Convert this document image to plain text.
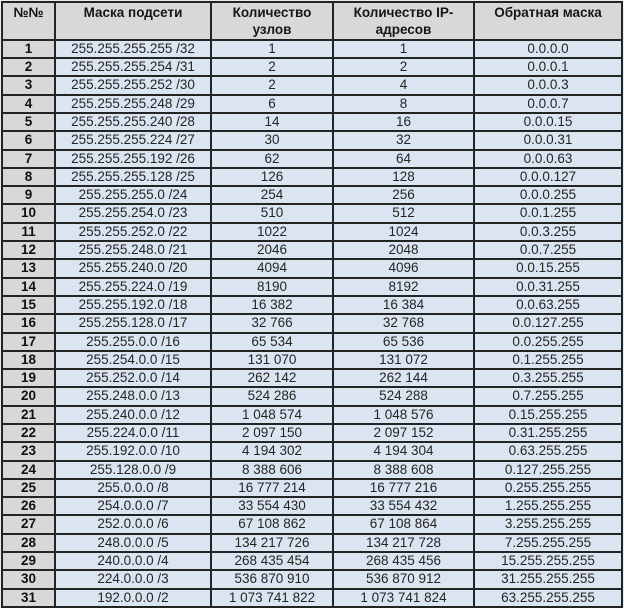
№№	Маска подсети	Количество узлов	Количество IP-адресов	Обратная маска
1	255.255.255.255 /32	1	1	0.0.0.0
2	255.255.255.254 /31	2	2	0.0.0.1
3	255.255.255.252 /30	2	4	0.0.0.3
4	255.255.255.248 /29	6	8	0.0.0.7
5	255.255.255.240 /28	14	16	0.0.0.15
6	255.255.255.224 /27	30	32	0.0.0.31
7	255.255.255.192 /26	62	64	0.0.0.63
8	255.255.255.128 /25	126	128	0.0.0.127
9	255.255.255.0 /24	254	256	0.0.0.255
10	255.255.254.0 /23	510	512	0.0.1.255
11	255.255.252.0 /22	1022	1024	0.0.3.255
12	255.255.248.0 /21	2046	2048	0.0.7.255
13	255.255.240.0 /20	4094	4096	0.0.15.255
14	255.255.224.0 /19	8190	8192	0.0.31.255
15	255.255.192.0 /18	16 382	16 384	0.0.63.255
16	255.255.128.0 /17	32 766	32 768	0.0.127.255
17	255.255.0.0 /16	65 534	65 536	0.0.255.255
18	255.254.0.0 /15	131 070	131 072	0.1.255.255
19	255.252.0.0 /14	262 142	262 144	0.3.255.255
20	255.248.0.0 /13	524 286	524 288	0.7.255.255
21	255.240.0.0 /12	1 048 574	1 048 576	0.15.255.255
22	255.224.0.0 /11	2 097 150	2 097 152	0.31.255.255
23	255.192.0.0 /10	4 194 302	4 194 304	0.63.255.255
24	255.128.0.0 /9	8 388 606	8 388 608	0.127.255.255
25	255.0.0.0 /8	16 777 214	16 777 216	0.255.255.255
26	254.0.0.0 /7	33 554 430	33 554 432	1.255.255.255
27	252.0.0.0 /6	67 108 862	67 108 864	3.255.255.255
28	248.0.0.0 /5	134 217 726	134 217 728	7.255.255.255
29	240.0.0.0 /4	268 435 454	268 435 456	15.255.255.255
30	224.0.0.0 /3	536 870 910	536 870 912	31.255.255.255
31	192.0.0.0 /2	1 073 741 822	1 073 741 824	63.255.255.255
